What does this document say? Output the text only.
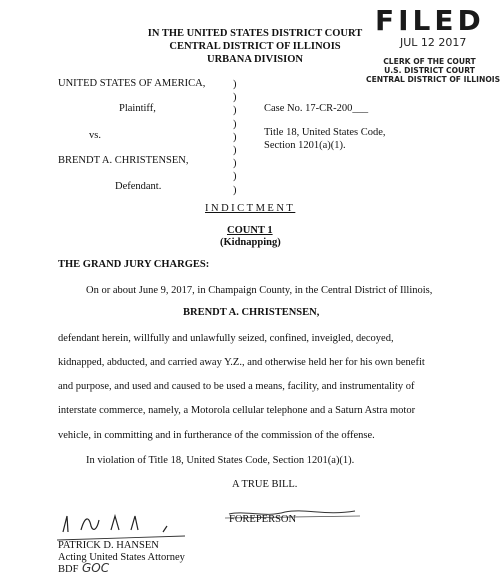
FILED
JUL 12 2017
CLERK OF THE COURT
U.S. DISTRICT COURT
CENTRAL DISTRICT OF ILLINOIS
IN THE UNITED STATES DISTRICT COURT
CENTRAL DISTRICT OF ILLINOIS
URBANA DIVISION
UNITED STATES OF AMERICA,
Plaintiff,
vs.
BRENDT A. CHRISTENSEN,
Defendant.
)
)
)
)
)
)
)
)
)
Case No. 17-CR-200___
Title 18, United States Code,
Section 1201(a)(1).
INDICTMENT
COUNT 1
(Kidnapping)
THE GRAND JURY CHARGES:
On or about June 9, 2017, in Champaign County, in the Central District of Illinois,
BRENDT A. CHRISTENSEN,
defendant herein, willfully and unlawfully seized, confined, inveigled, decoyed,
kidnapped, abducted, and carried away Y.Z., and otherwise held her for his own benefit
and purpose, and used and caused to be used a means, facility, and instrumentality of
interstate commerce, namely, a Motorola cellular telephone and a Saturn Astra motor
vehicle, in committing and in furtherance of the commission of the offense.
In violation of Title 18, United States Code, Section 1201(a)(1).
A TRUE BILL.
FOREPERSON
PATRICK D. HANSEN
Acting United States Attorney
BDF GOC
